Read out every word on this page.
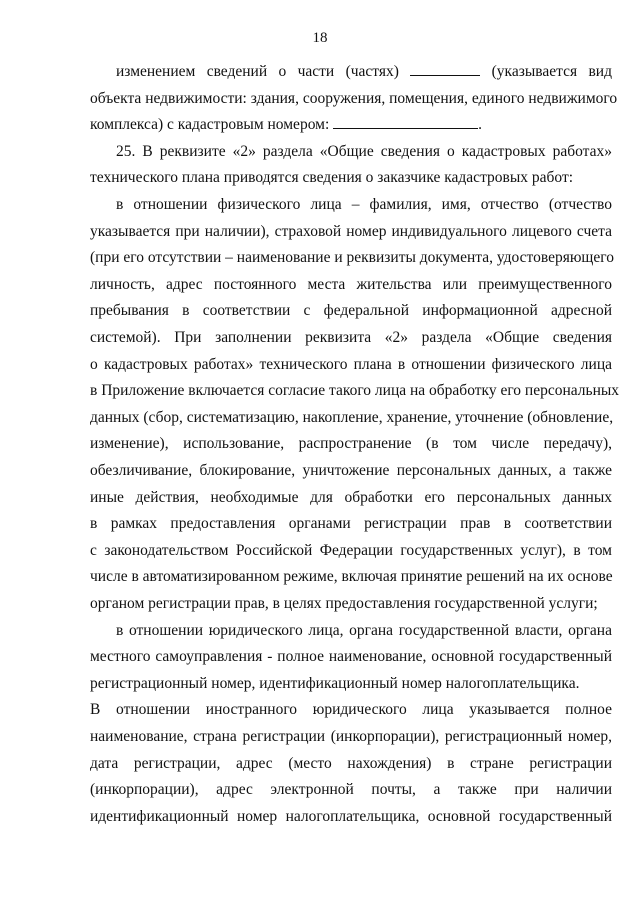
18
изменением сведений о части (частях)	(указывается вид
объекта недвижимости: здания, сооружения, помещения, единого недвижимого
комплекса) с кадастровым номером:	.
25. В реквизите «2» раздела «Общие сведения о кадастровых работах»
технического плана приводятся сведения о заказчике кадастровых работ:
в отношении физического лица – фамилия, имя, отчество (отчество
указывается при наличии), страховой номер индивидуального лицевого счета
(при его отсутствии – наименование и реквизиты документа, удостоверяющего
личность, адрес постоянного места жительства или преимущественного
пребывания в соответствии с федеральной информационной адресной
системой). При заполнении реквизита «2» раздела «Общие сведения
о кадастровых работах» технического плана в отношении физического лица
в Приложение включается согласие такого лица на обработку его персональных
данных (сбор, систематизацию, накопление, хранение, уточнение (обновление,
изменение), использование, распространение (в том числе передачу),
обезличивание, блокирование, уничтожение персональных данных, а также
иные действия, необходимые для обработки его персональных данных
в рамках предоставления органами регистрации прав в соответствии
с законодательством Российской Федерации государственных услуг), в том
числе в автоматизированном режиме, включая принятие решений на их основе
органом регистрации прав, в целях предоставления государственной услуги;
в отношении юридического лица, органа государственной власти, органа
местного самоуправления - полное наименование, основной государственный
регистрационный номер, идентификационный номер налогоплательщика.
В отношении иностранного юридического лица указывается полное
наименование, страна регистрации (инкорпорации), регистрационный номер,
дата регистрации, адрес (место нахождения) в стране регистрации
(инкорпорации), адрес электронной почты, а также при наличии
идентификационный номер налогоплательщика, основной государственный
